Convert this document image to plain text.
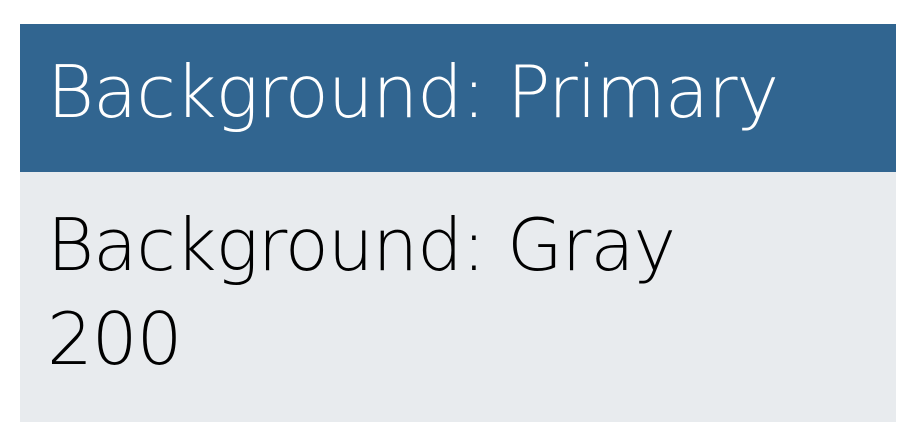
Background: Primary
Background: Gray 200
